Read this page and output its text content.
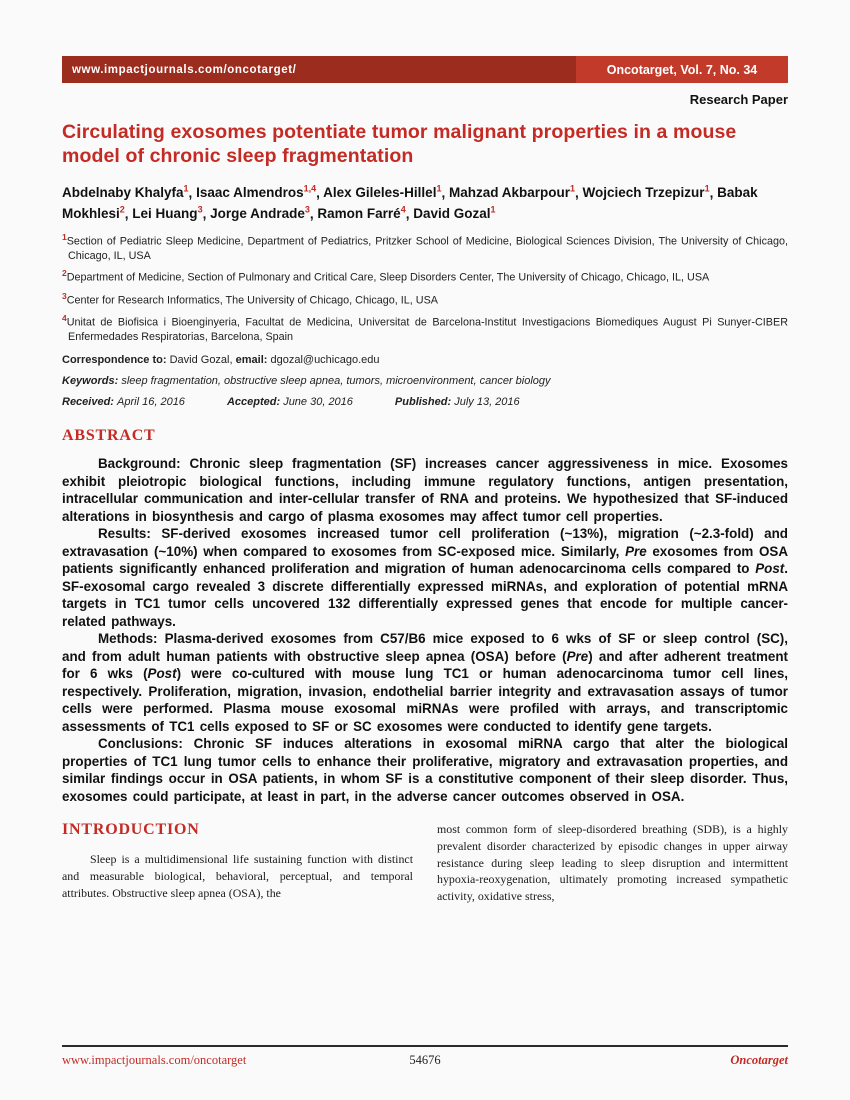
www.impactjournals.com/oncotarget/	Oncotarget, Vol. 7, No. 34
Research Paper
Circulating exosomes potentiate tumor malignant properties in a mouse model of chronic sleep fragmentation
Abdelnaby Khalyfa$^1$, Isaac Almendros$^{1,4}$, Alex Gileles-Hillel$^1$, Mahzad Akbarpour$^1$, Wojciech Trzepizur$^1$, Babak Mokhlesi$^2$, Lei Huang$^3$, Jorge Andrade$^3$, Ramon Farré$^4$, David Gozal$^1$

$^1$Section of Pediatric Sleep Medicine, Department of Pediatrics, Pritzker School of Medicine, Biological Sciences Division, The University of Chicago, Chicago, IL, USA

$^2$Department of Medicine, Section of Pulmonary and Critical Care, Sleep Disorders Center, The University of Chicago, Chicago, IL, USA

$^3$Center for Research Informatics, The University of Chicago, Chicago, IL, USA

$^4$Unitat de Biofisica i Bioenginyeria, Facultat de Medicina, Universitat de Barcelona-Institut Investigacions Biomediques August Pi Sunyer-CIBER Enfermedades Respiratorias, Barcelona, Spain

Correspondence to: David Gozal, email: dgozal@uchicago.edu

Keywords: sleep fragmentation, obstructive sleep apnea, tumors, microenvironment, cancer biology

Received: April 16, 2016	Accepted: June 30, 2016	Published: July 13, 2016

ABSTRACT

Background: Chronic sleep fragmentation (SF) increases cancer aggressiveness in mice. Exosomes exhibit pleiotropic biological functions, including immune regulatory functions, antigen presentation, intracellular communication and inter-cellular transfer of RNA and proteins. We hypothesized that SF-induced alterations in biosynthesis and cargo of plasma exosomes may affect tumor cell properties.

Results: SF-derived exosomes increased tumor cell proliferation (~13%), migration (~2.3-fold) and extravasation (~10%) when compared to exosomes from SC-exposed mice. Similarly, Pre exosomes from OSA patients significantly enhanced proliferation and migration of human adenocarcinoma cells compared to Post. SF-exosomal cargo revealed 3 discrete differentially expressed miRNAs, and exploration of potential mRNA targets in TC1 tumor cells uncovered 132 differentially expressed genes that encode for multiple cancer-related pathways.

Methods: Plasma-derived exosomes from C57/B6 mice exposed to 6 wks of SF or sleep control (SC), and from adult human patients with obstructive sleep apnea (OSA) before (Pre) and after adherent treatment for 6 wks (Post) were co-cultured with mouse lung TC1 or human adenocarcinoma tumor cell lines, respectively. Proliferation, migration, invasion, endothelial barrier integrity and extravasation assays of tumor cells were performed. Plasma mouse exosomal miRNAs were profiled with arrays, and transcriptomic assessments of TC1 cells exposed to SF or SC exosomes were conducted to identify gene targets.

Conclusions: Chronic SF induces alterations in exosomal miRNA cargo that alter the biological properties of TC1 lung tumor cells to enhance their proliferative, migratory and extravasation properties, and similar findings occur in OSA patients, in whom SF is a constitutive component of their sleep disorder. Thus, exosomes could participate, at least in part, in the adverse cancer outcomes observed in OSA.

INTRODUCTION

Sleep is a multidimensional life sustaining function with distinct and measurable biological, behavioral, perceptual, and temporal attributes. Obstructive sleep apnea (OSA), the

most common form of sleep-disordered breathing (SDB), is a highly prevalent disorder characterized by episodic changes in upper airway resistance during sleep leading to sleep disruption and intermittent hypoxia-reoxygenation, ultimately promoting increased sympathetic activity, oxidative stress,

www.impactjournals.com/oncotarget	54676	Oncotarget
